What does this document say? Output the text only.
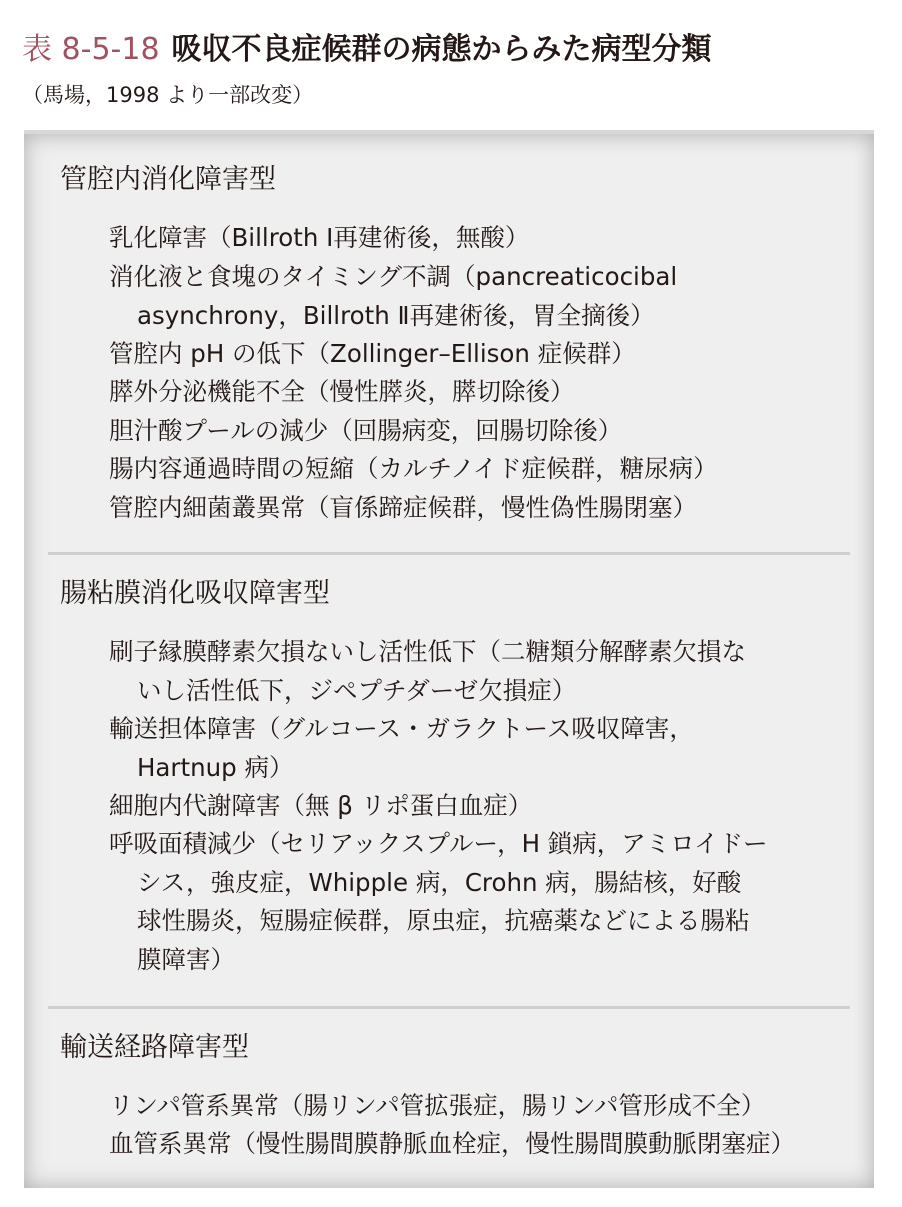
表 8-5-18 吸収不良症候群の病態からみた病型分類
（馬場，1998 より一部改変）
管腔内消化障害型
乳化障害（Billroth Ⅰ再建術後，無酸）
消化液と食塊のタイミング不調（pancreaticocibal
asynchrony，Billroth Ⅱ再建術後，胃全摘後）
管腔内 pH の低下（Zollinger–Ellison 症候群）
膵外分泌機能不全（慢性膵炎，膵切除後）
胆汁酸プールの減少（回腸病変，回腸切除後）
腸内容通過時間の短縮（カルチノイド症候群，糖尿病）
管腔内細菌叢異常（盲係蹄症候群，慢性偽性腸閉塞）
腸粘膜消化吸収障害型
刷子縁膜酵素欠損ないし活性低下（二糖類分解酵素欠損な
いし活性低下，ジペプチダーゼ欠損症）
輸送担体障害（グルコース・ガラクトース吸収障害，
Hartnup 病）
細胞内代謝障害（無 β リポ蛋白血症）
呼吸面積減少（セリアックスプルー，H 鎖病，アミロイドー
シス，強皮症，Whipple 病，Crohn 病，腸結核，好酸
球性腸炎，短腸症候群，原虫症，抗癌薬などによる腸粘
膜障害）
輸送経路障害型
リンパ管系異常（腸リンパ管拡張症，腸リンパ管形成不全）
血管系異常（慢性腸間膜静脈血栓症，慢性腸間膜動脈閉塞症）
